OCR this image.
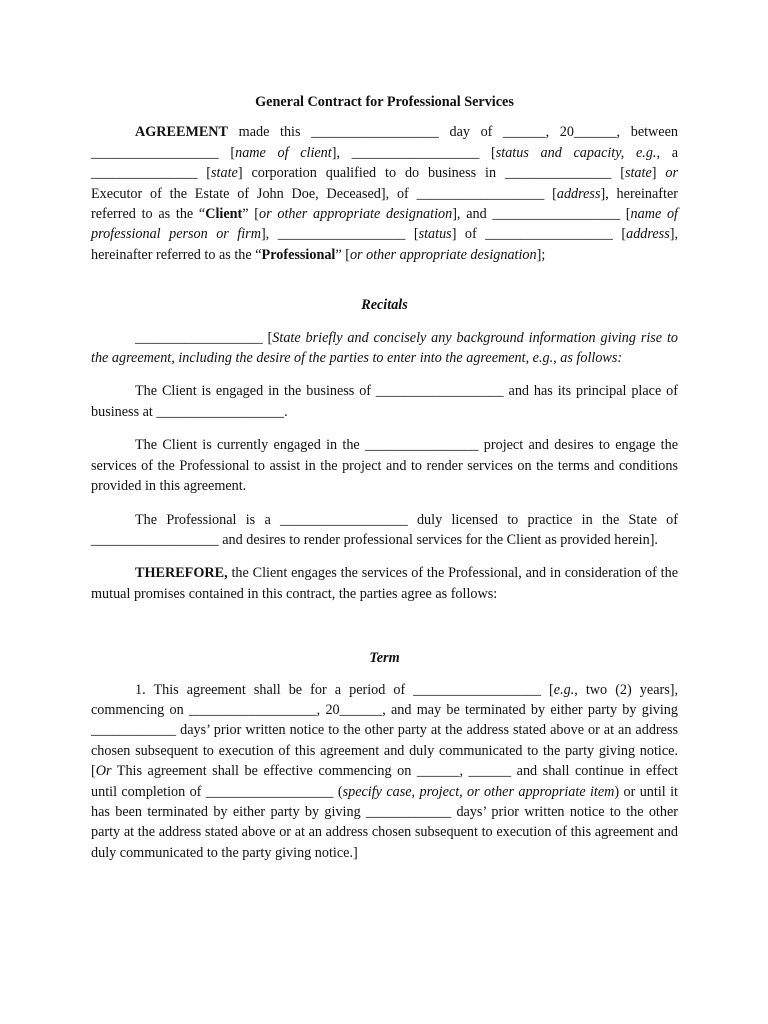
General Contract for Professional Services

AGREEMENT made this __________________ day of ______, 20______, between __________________ [name of client], __________________ [status and capacity, e.g., a _______________ [state] corporation qualified to do business in _______________ [state] or Executor of the Estate of John Doe, Deceased], of __________________ [address], hereinafter referred to as the “Client” [or other appropriate designation], and __________________ [name of professional person or firm], __________________ [status] of __________________ [address], hereinafter referred to as the “Professional” [or other appropriate designation];

Recitals

__________________ [State briefly and concisely any background information giving rise to the agreement, including the desire of the parties to enter into the agreement, e.g., as follows:

The Client is engaged in the business of __________________ and has its principal place of business at __________________.

The Client is currently engaged in the ________________ project and desires to engage the services of the Professional to assist in the project and to render services on the terms and conditions provided in this agreement.

The Professional is a __________________ duly licensed to practice in the State of __________________ and desires to render professional services for the Client as provided herein].

THEREFORE, the Client engages the services of the Professional, and in consideration of the mutual promises contained in this contract, the parties agree as follows:

Term

1. This agreement shall be for a period of __________________ [e.g., two (2) years], commencing on __________________, 20______, and may be terminated by either party by giving ____________ days’ prior written notice to the other party at the address stated above or at an address chosen subsequent to execution of this agreement and duly communicated to the party giving notice. [Or This agreement shall be effective commencing on ______, ______ and shall continue in effect until completion of __________________ (specify case, project, or other appropriate item) or until it has been terminated by either party by giving ____________ days’ prior written notice to the other party at the address stated above or at an address chosen subsequent to execution of this agreement and duly communicated to the party giving notice.]
